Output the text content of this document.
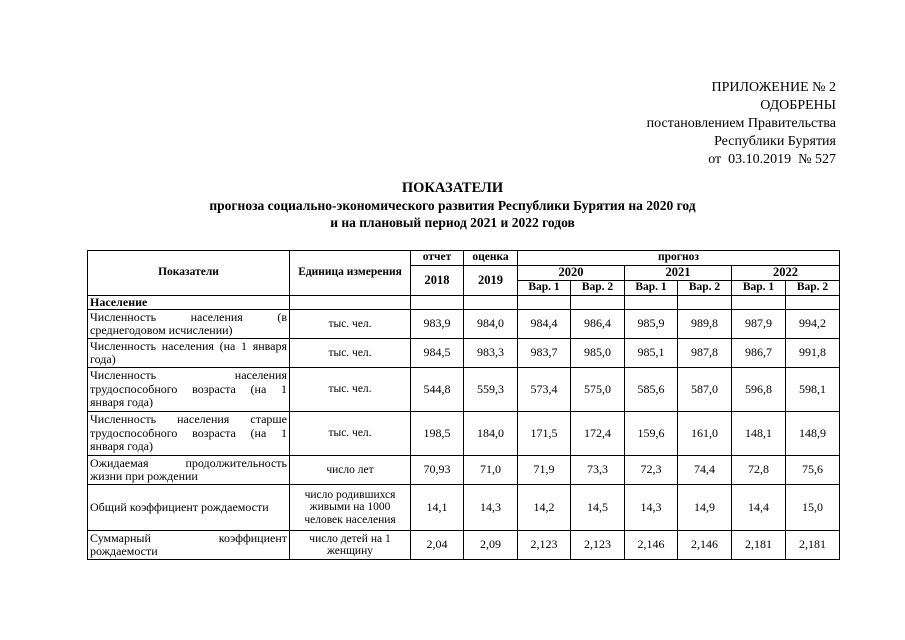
ПРИЛОЖЕНИЕ № 2
ОДОБРЕНЫ
постановлением Правительства
Республики Бурятия
от  03.10.2019  № 527
ПОКАЗАТЕЛИ
прогноза социально-экономического развития Республики Бурятия на 2020 год
и на плановый период 2021 и 2022 годов
Показатели	Единица измерения	отчет	оценка	прогноз					
		2018	2019	2020		2021		2022	
				Вар. 1	Вар. 2	Вар. 1	Вар. 2	Вар. 1	Вар. 2
Население									
Численность населения (в среднегодовом исчислении)	тыс. чел.	983,9	984,0	984,4	986,4	985,9	989,8	987,9	994,2
Численность населения (на 1 января года)	тыс. чел.	984,5	983,3	983,7	985,0	985,1	987,8	986,7	991,8
Численность населения трудоспособного возраста (на 1 января года)	тыс. чел.	544,8	559,3	573,4	575,0	585,6	587,0	596,8	598,1
Численность населения старше трудоспособного возраста (на 1 января года)	тыс. чел.	198,5	184,0	171,5	172,4	159,6	161,0	148,1	148,9
Ожидаемая продолжительность жизни при рождении	число лет	70,93	71,0	71,9	73,3	72,3	74,4	72,8	75,6
Общий коэффициент рождаемости	число родившихся живыми на 1000 человек населения	14,1	14,3	14,2	14,5	14,3	14,9	14,4	15,0
Суммарный коэффициент рождаемости	число детей на 1 женщину	2,04	2,09	2,123	2,123	2,146	2,146	2,181	2,181
